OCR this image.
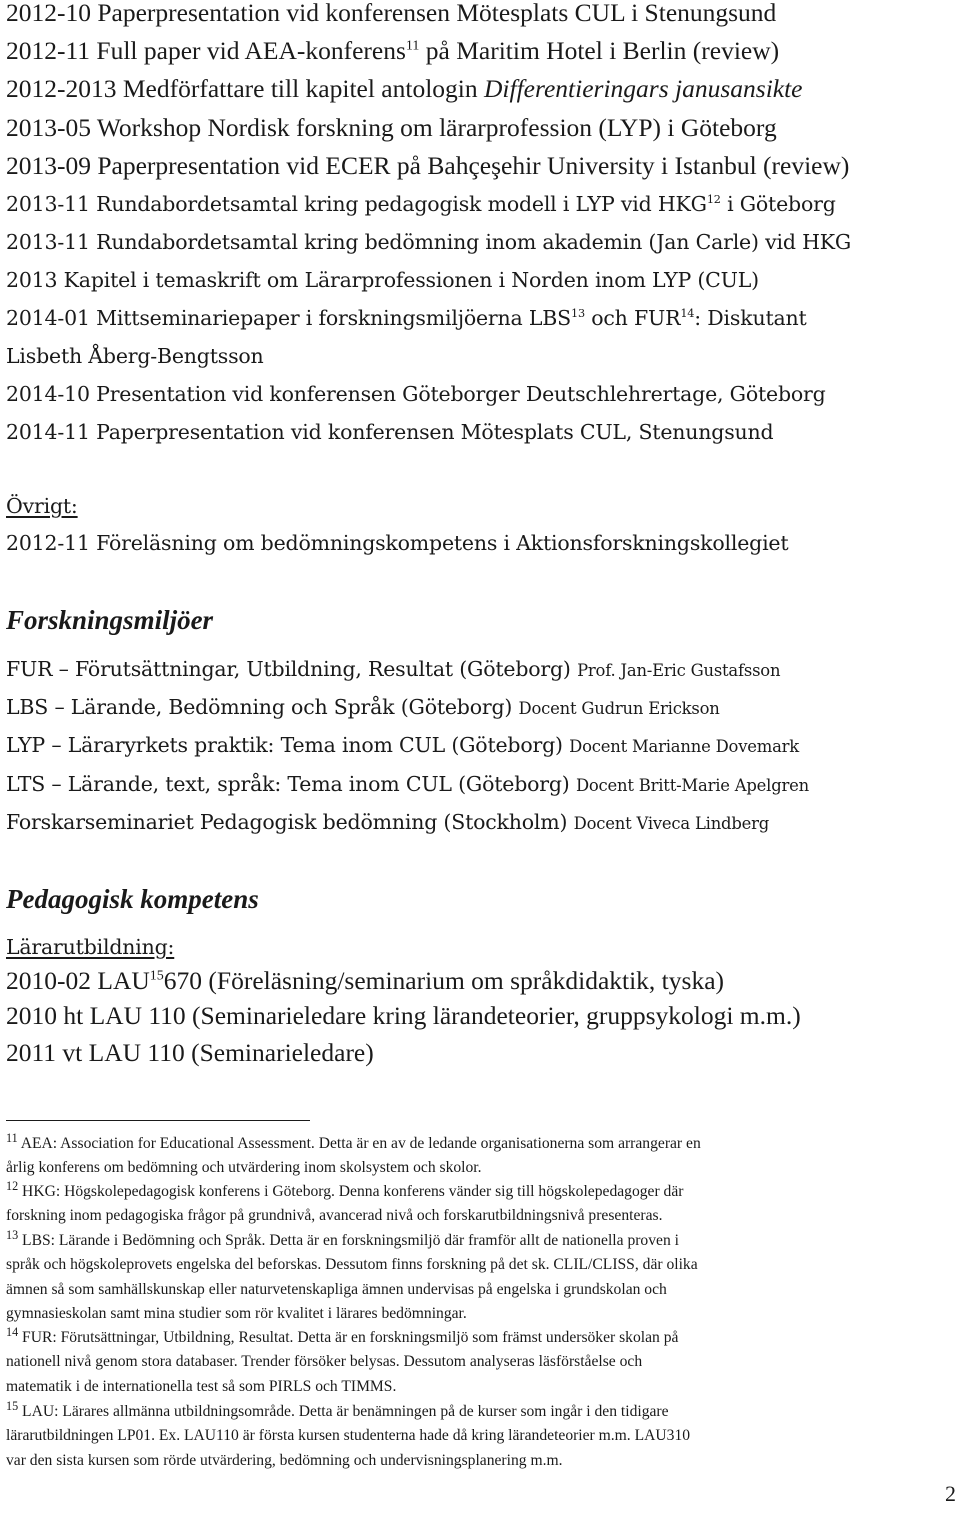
2012-10 Paperpresentation vid konferensen Mötesplats CUL i Stenungsund
2012-11 Full paper vid AEA-konferens$^{11}$ på Maritim Hotel i Berlin (review)
2012-2013 Medförfattare till kapitel antologin Differentieringars janusansikte
2013-05 Workshop Nordisk forskning om lärarprofession (LYP) i Göteborg
2013-09 Paperpresentation vid ECER på Bahçeşehir University i Istanbul (review)
2013-11 Rundabordetsamtal kring pedagogisk modell i LYP vid HKG$^{12}$ i Göteborg
2013-11 Rundabordetsamtal kring bedömning inom akademin (Jan Carle) vid HKG
2013 Kapitel i temaskrift om Lärarprofessionen i Norden inom LYP (CUL)
2014-01 Mittseminariepaper i forskningsmiljöerna LBS$^{13}$ och FUR$^{14}$: Diskutant
Lisbeth Åberg-Bengtsson
2014-10 Presentation vid konferensen Göteborger Deutschlehrertage, Göteborg
2014-11 Paperpresentation vid konferensen Mötesplats CUL, Stenungsund
Övrigt:
2012-11 Föreläsning om bedömningskompetens i Aktionsforskningskollegiet
Forskningsmiljöer
FUR – Förutsättningar, Utbildning, Resultat (Göteborg) Prof. Jan-Eric Gustafsson
LBS – Lärande, Bedömning och Språk (Göteborg) Docent Gudrun Erickson
LYP – Läraryrkets praktik: Tema inom CUL (Göteborg) Docent Marianne Dovemark
LTS – Lärande, text, språk: Tema inom CUL (Göteborg) Docent Britt-Marie Apelgren
Forskarseminariet Pedagogisk bedömning (Stockholm) Docent Viveca Lindberg
Pedagogisk kompetens
Lärarutbildning:
2010-02 LAU$^{15}$670 (Föreläsning/seminarium om språkdidaktik, tyska)
2010 ht LAU 110 (Seminarieledare kring lärandeteorier, gruppsykologi m.m.)
2011 vt LAU 110 (Seminarieledare)
$^{11}$ AEA: Association for Educational Assessment. Detta är en av de ledande organisationerna som arrangerar en
årlig konferens om bedömning och utvärdering inom skolsystem och skolor.
$^{12}$ HKG: Högskolepedagogisk konferens i Göteborg. Denna konferens vänder sig till högskolepedagoger där
forskning inom pedagogiska frågor på grundnivå, avancerad nivå och forskarutbildningsnivå presenteras.
$^{13}$ LBS: Lärande i Bedömning och Språk. Detta är en forskningsmiljö där framför allt de nationella proven i
språk och högskoleprovets engelska del beforskas. Dessutom finns forskning på det sk. CLIL/CLISS, där olika
ämnen så som samhällskunskap eller naturvetenskapliga ämnen undervisas på engelska i grundskolan och
gymnasieskolan samt mina studier som rör kvalitet i lärares bedömningar.
$^{14}$ FUR: Förutsättningar, Utbildning, Resultat. Detta är en forskningsmiljö som främst undersöker skolan på
nationell nivå genom stora databaser. Trender försöker belysas. Dessutom analyseras läsförståelse och
matematik i de internationella test så som PIRLS och TIMMS.
$^{15}$ LAU: Lärares allmänna utbildningsområde. Detta är benämningen på de kurser som ingår i den tidigare
lärarutbildningen LP01. Ex. LAU110 är första kursen studenterna hade då kring lärandeteorier m.m. LAU310
var den sista kursen som rörde utvärdering, bedömning och undervisningsplanering m.m.
2
